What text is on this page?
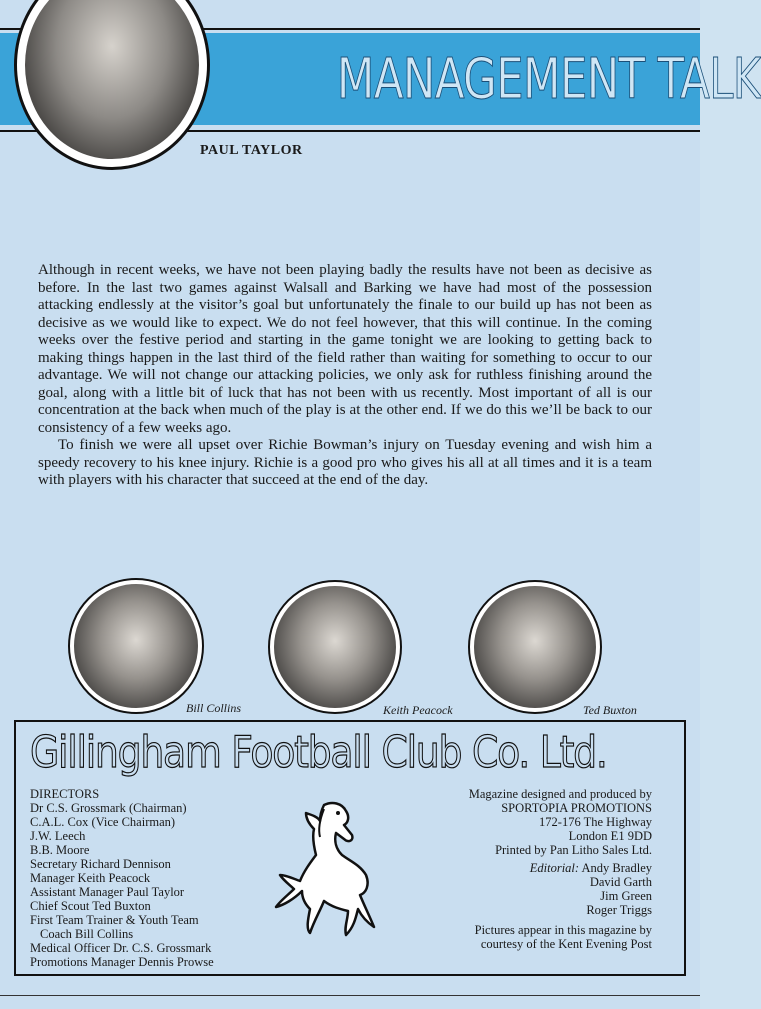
MANAGEMENT TALK
PAUL TAYLOR

Although in recent weeks, we have not been playing badly the results have not been as decisive as before. In the last two games against Walsall and Barking we have had most of the possession attacking endlessly at the visitor’s goal but unfortunately the finale to our build up has not been as decisive as we would like to expect. We do not feel however, that this will continue. In the coming weeks over the festive period and starting in the game tonight we are looking to getting back to making things happen in the last third of the field rather than waiting for something to occur to our advantage. We will not change our attacking policies, we only ask for ruthless finishing around the goal, along with a little bit of luck that has not been with us recently. Most important of all is our concentration at the back when much of the play is at the other end. If we do this we’ll be back to our consistency of a few weeks ago.

To finish we were all upset over Richie Bowman’s injury on Tuesday evening and wish him a speedy recovery to his knee injury. Richie is a good pro who gives his all at all times and it is a team with players with his character that succeed at the end of the day.

Bill Collins	Keith Peacock	Ted Buxton
Gillingham Football Club Co. Ltd.
DIRECTORS
Dr C.S. Grossmark (Chairman)
C.A.L. Cox (Vice Chairman)
J.W. Leech
B.B. Moore
Secretary Richard Dennison
Manager Keith Peacock
Assistant Manager Paul Taylor
Chief Scout Ted Buxton
First Team Trainer & Youth Team
Coach Bill Collins
Medical Officer Dr. C.S. Grossmark
Promotions Manager Dennis Prowse
Magazine designed and produced by
SPORTOPIA PROMOTIONS
172-176 The Highway
London E1 9DD
Printed by Pan Litho Sales Ltd.
Editorial: Andy Bradley
David Garth
Jim Green
Roger Triggs
Pictures appear in this magazine by
courtesy of the Kent Evening Post
